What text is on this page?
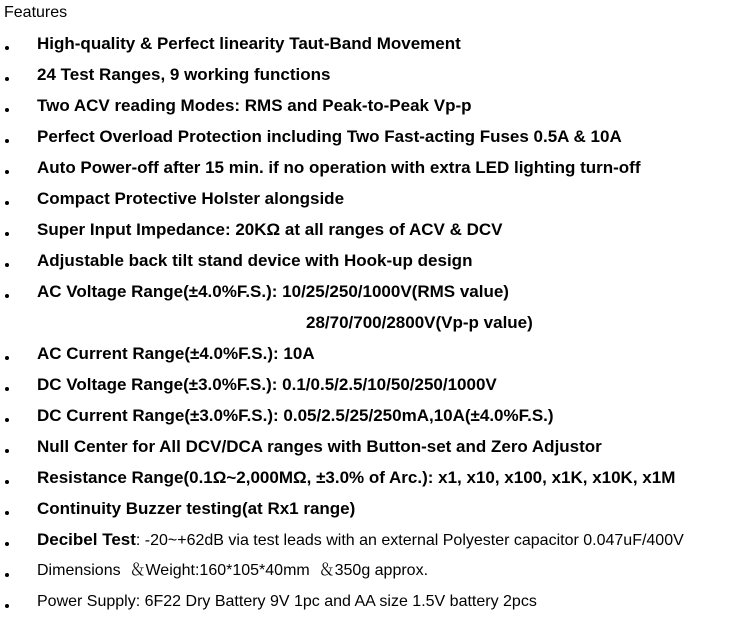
Features
High-quality & Perfect linearity Taut-Band Movement
24 Test Ranges, 9 working functions
Two ACV reading Modes: RMS and Peak-to-Peak Vp-p
Perfect Overload Protection including Two Fast-acting Fuses 0.5A & 10A
Auto Power-off after 15 min. if no operation with extra LED lighting turn-off
Compact Protective Holster alongside
Super Input Impedance: 20KΩ at all ranges of ACV & DCV
Adjustable back tilt stand device with Hook-up design
AC Voltage Range(±4.0%F.S.): 10/25/250/1000V(RMS value)
28/70/700/2800V(Vp-p value)
AC Current Range(±4.0%F.S.): 10A
DC Voltage Range(±3.0%F.S.): 0.1/0.5/2.5/10/50/250/1000V
DC Current Range(±3.0%F.S.): 0.05/2.5/25/250mA,10A(±4.0%F.S.)
Null Center for All DCV/DCA ranges with Button-set and Zero Adjustor
Resistance Range(0.1Ω~2,000MΩ, ±3.0% of Arc.): x1, x10, x100, x1K, x10K, x1M
Continuity Buzzer testing(at Rx1 range)
Decibel Test: -20~+62dB via test leads with an external Polyester capacitor 0.047uF/400V
Dimensions  ＆Weight:160*105*40mm  ＆350g approx.
Power Supply: 6F22 Dry Battery 9V 1pc and AA size 1.5V battery 2pcs
